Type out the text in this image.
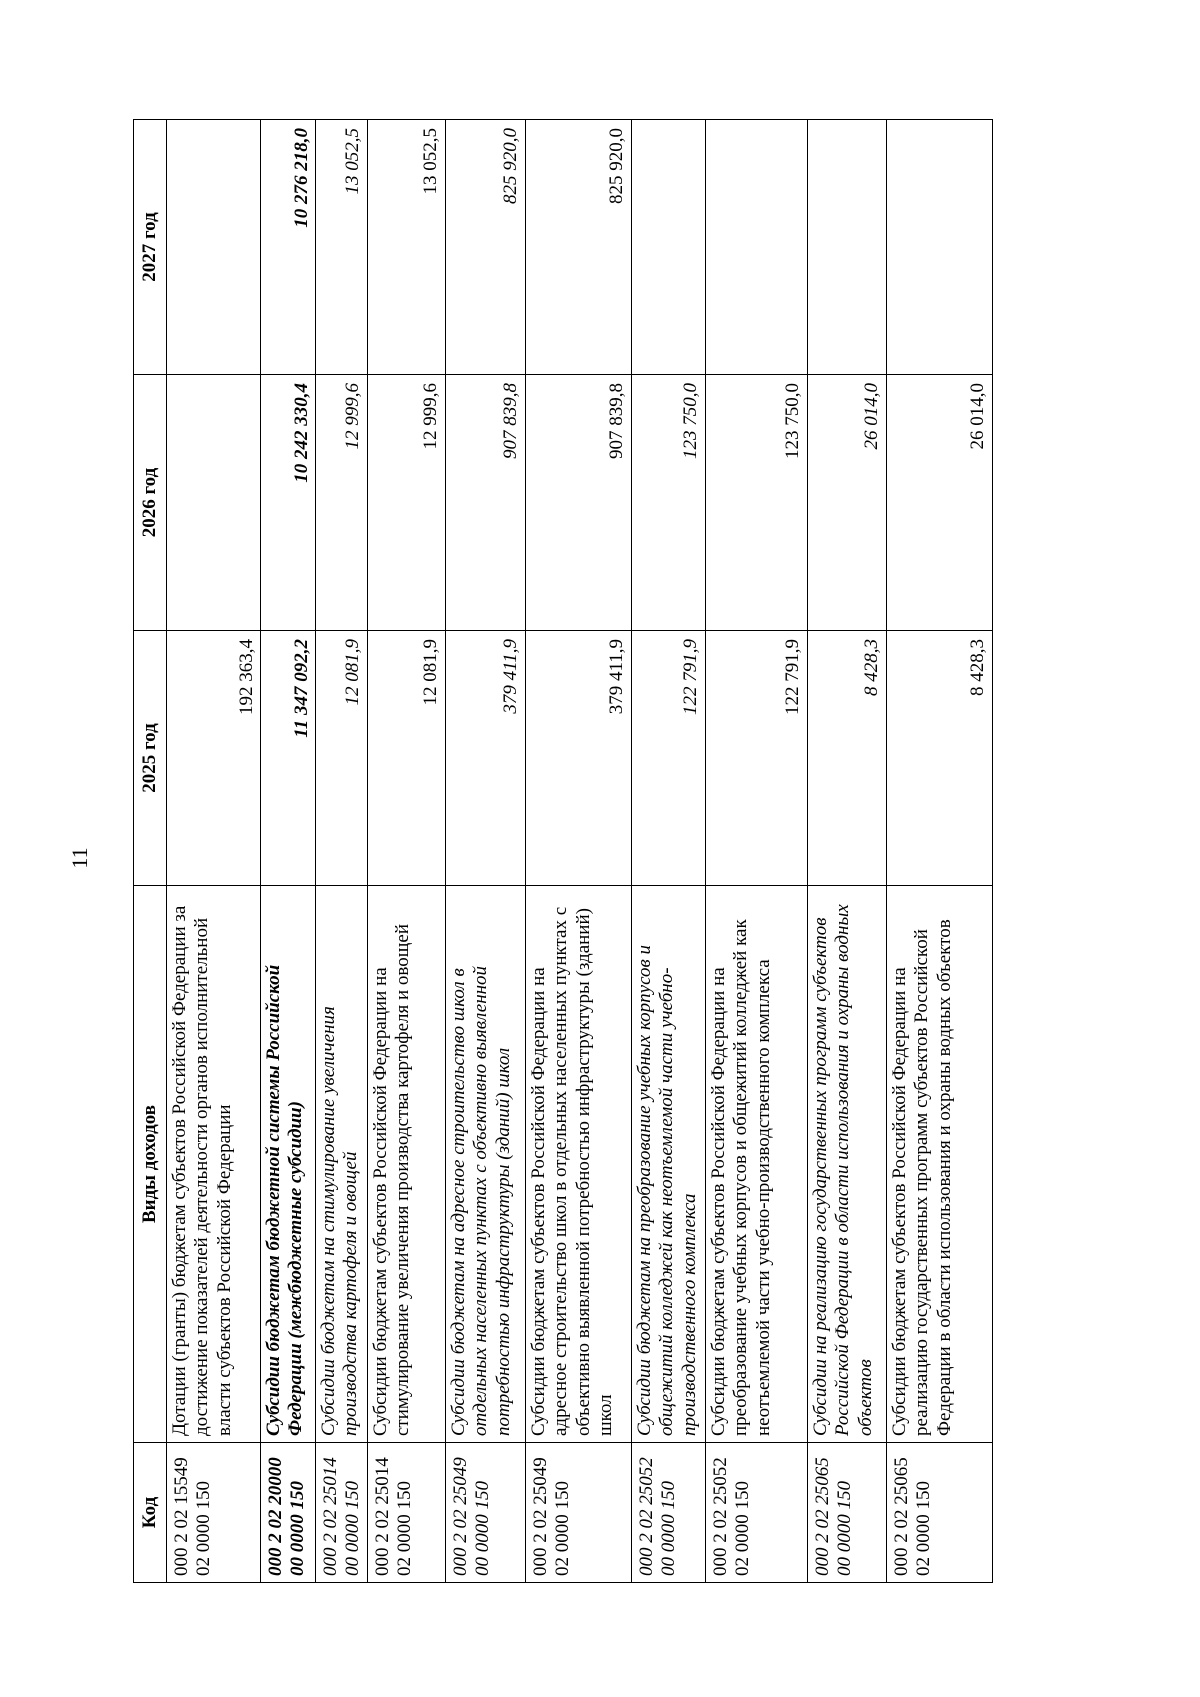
11
Код	Виды доходов	2025 год	2026 год	2027 год
000 2 02 15549 02 0000 150	Дотации (гранты) бюджетам субъектов Российской Федерации за достижение показателей деятельности органов исполнительной власти субъектов Российской Федерации	192 363,4		
000 2 02 20000 00 0000 150	Субсидии бюджетам бюджетной системы Российской Федерации (межбюджетные субсидии)	11 347 092,2	10 242 330,4	10 276 218,0
000 2 02 25014 00 0000 150	Субсидии бюджетам на стимулирование увеличения производства картофеля и овощей	12 081,9	12 999,6	13 052,5
000 2 02 25014 02 0000 150	Субсидии бюджетам субъектов Российской Федерации на стимулирование увеличения производства картофеля и овощей	12 081,9	12 999,6	13 052,5
000 2 02 25049 00 0000 150	Субсидии бюджетам на адресное строительство школ в отдельных населенных пунктах с объективно выявленной потребностью инфраструктуры (зданий) школ	379 411,9	907 839,8	825 920,0
000 2 02 25049 02 0000 150	Субсидии бюджетам субъектов Российской Федерации на адресное строительство школ в отдельных населенных пунктах с объективно выявленной потребностью инфраструктуры (зданий) школ	379 411,9	907 839,8	825 920,0
000 2 02 25052 00 0000 150	Субсидии бюджетам на преобразование учебных корпусов и общежитий колледжей как неотъемлемой части учебно-производственного комплекса	122 791,9	123 750,0	
000 2 02 25052 02 0000 150	Субсидии бюджетам субъектов Российской Федерации на преобразование учебных корпусов и общежитий колледжей как неотъемлемой части учебно-производственного комплекса	122 791,9	123 750,0	
000 2 02 25065 00 0000 150	Субсидии на реализацию государственных программ субъектов Российской Федерации в области использования и охраны водных объектов	8 428,3	26 014,0	
000 2 02 25065 02 0000 150	Субсидии бюджетам субъектов Российской Федерации на реализацию государственных программ субъектов Российской Федерации в области использования и охраны водных объектов	8 428,3	26 014,0	
